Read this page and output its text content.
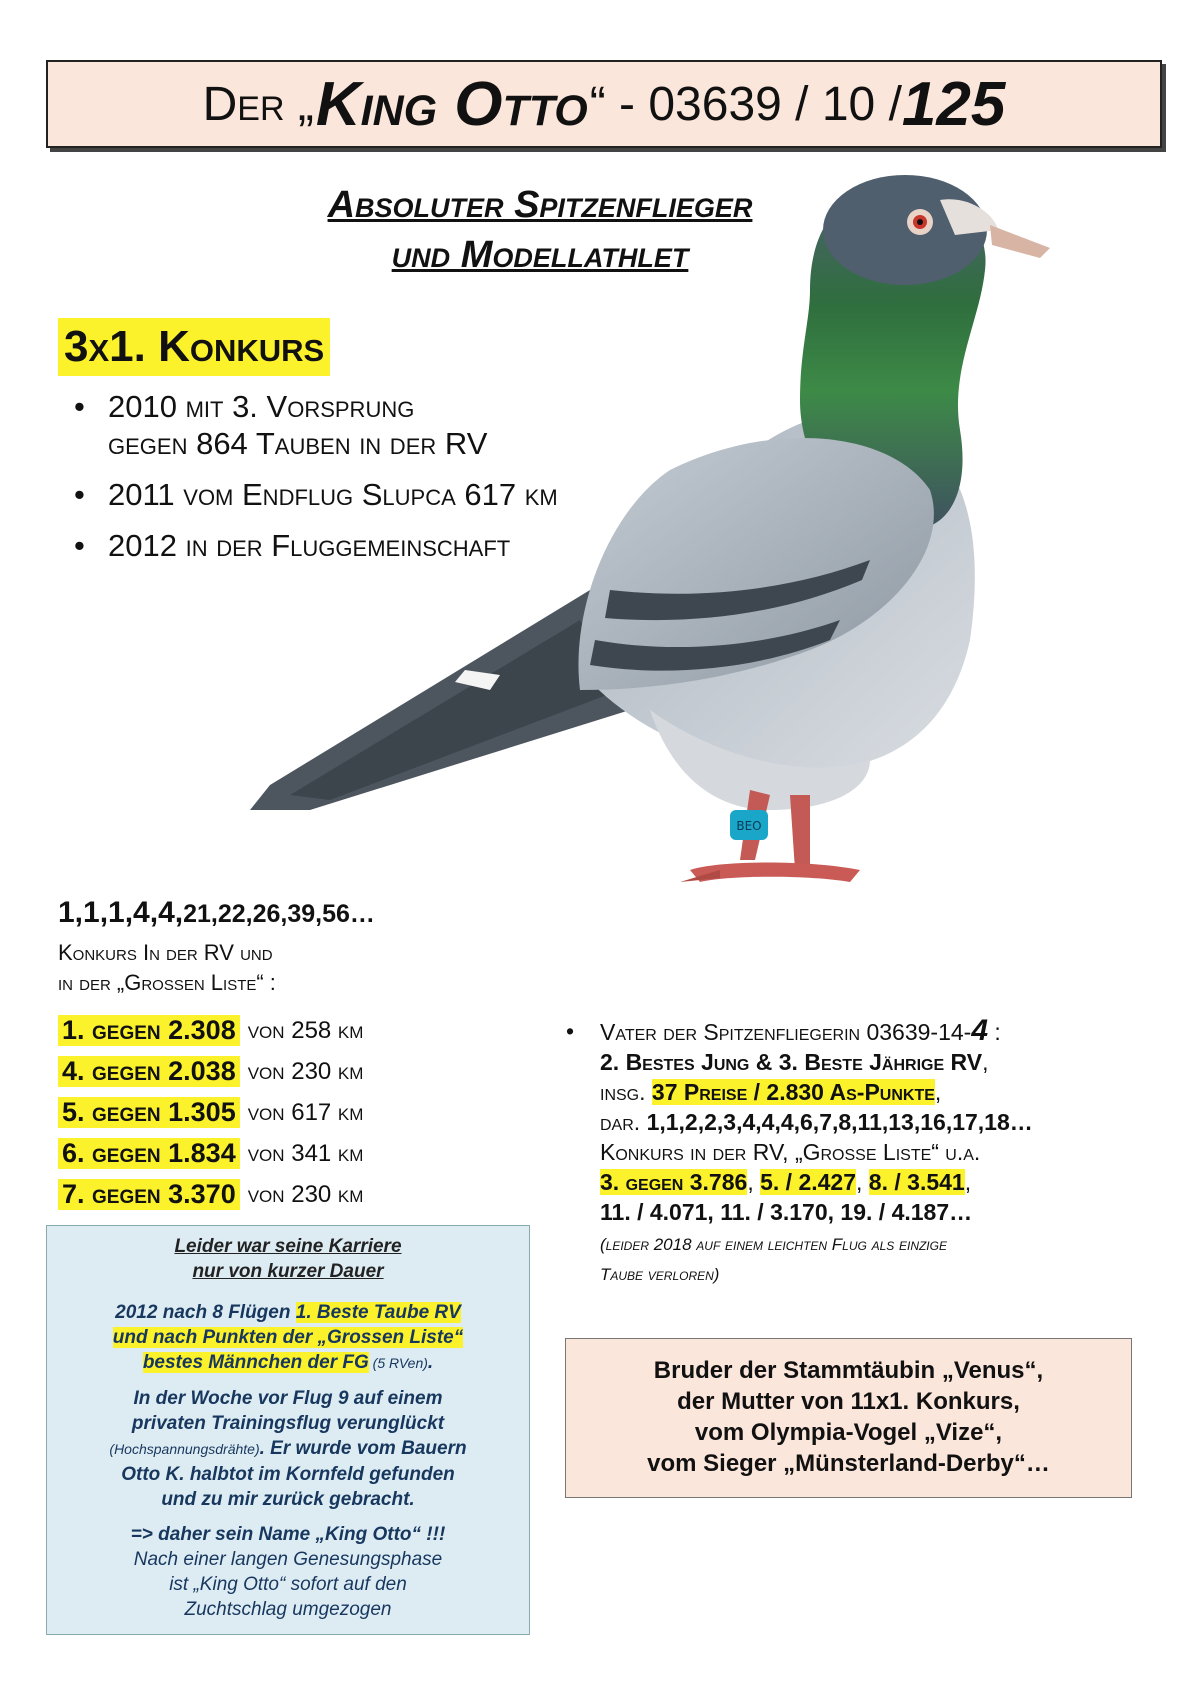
Der „ King Otto “ - 03639 / 10 / 125
BEO
Absoluter Spitzenflieger
und Modellathlet
3x1. Konkurs
• 2010 mit 3. Vorsprung
gegen 864 Tauben in der RV
• 2011 vom Endflug Slupca 617 km
• 2012 in der Fluggemeinschaft
1,1,1,4,4,21,22,26,39,56…
Konkurs In der RV und
in der „Grossen Liste“ :
1. gegen 2.308 von 258 km
4. gegen 2.038 von 230 km
5. gegen 1.305 von 617 km
6. gegen 1.834 von 341 km
7. gegen 3.370 von 230 km

Leider war seine Karriere
nur von kurzer Dauer

2012 nach 8 Flügen 1. Beste Taube RV
und nach Punkten der „Grossen Liste“
bestes Männchen der FG (5 RVen).

In der Woche vor Flug 9 auf einem
privaten Trainingsflug verunglückt
(Hochspannungsdrähte). Er wurde vom Bauern
Otto K. halbtot im Kornfeld gefunden
und zu mir zurück gebracht.

=> daher sein Name „King Otto“ !!!
Nach einer langen Genesungsphase
ist „King Otto“ sofort auf den
Zuchtschlag umgezogen

• Vater der Spitzenfliegerin 03639-14-4 :
2. Bestes Jung & 3. Beste Jährige RV,
insg. 37 Preise / 2.830 As-Punkte,
dar. 1,1,2,2,3,4,4,4,6,7,8,11,13,16,17,18…
Konkurs in der RV, „Grosse Liste“ u.a.
3. gegen 3.786, 5. / 2.427, 8. / 3.541,
11. / 4.071, 11. / 3.170, 19. / 4.187…
(leider 2018 auf einem leichten Flug als einzige
Taube verloren)
Bruder der Stammtäubin „Venus“,
der Mutter von 11x1. Konkurs,
vom Olympia-Vogel „Vize“,
vom Sieger „Münsterland-Derby“…
